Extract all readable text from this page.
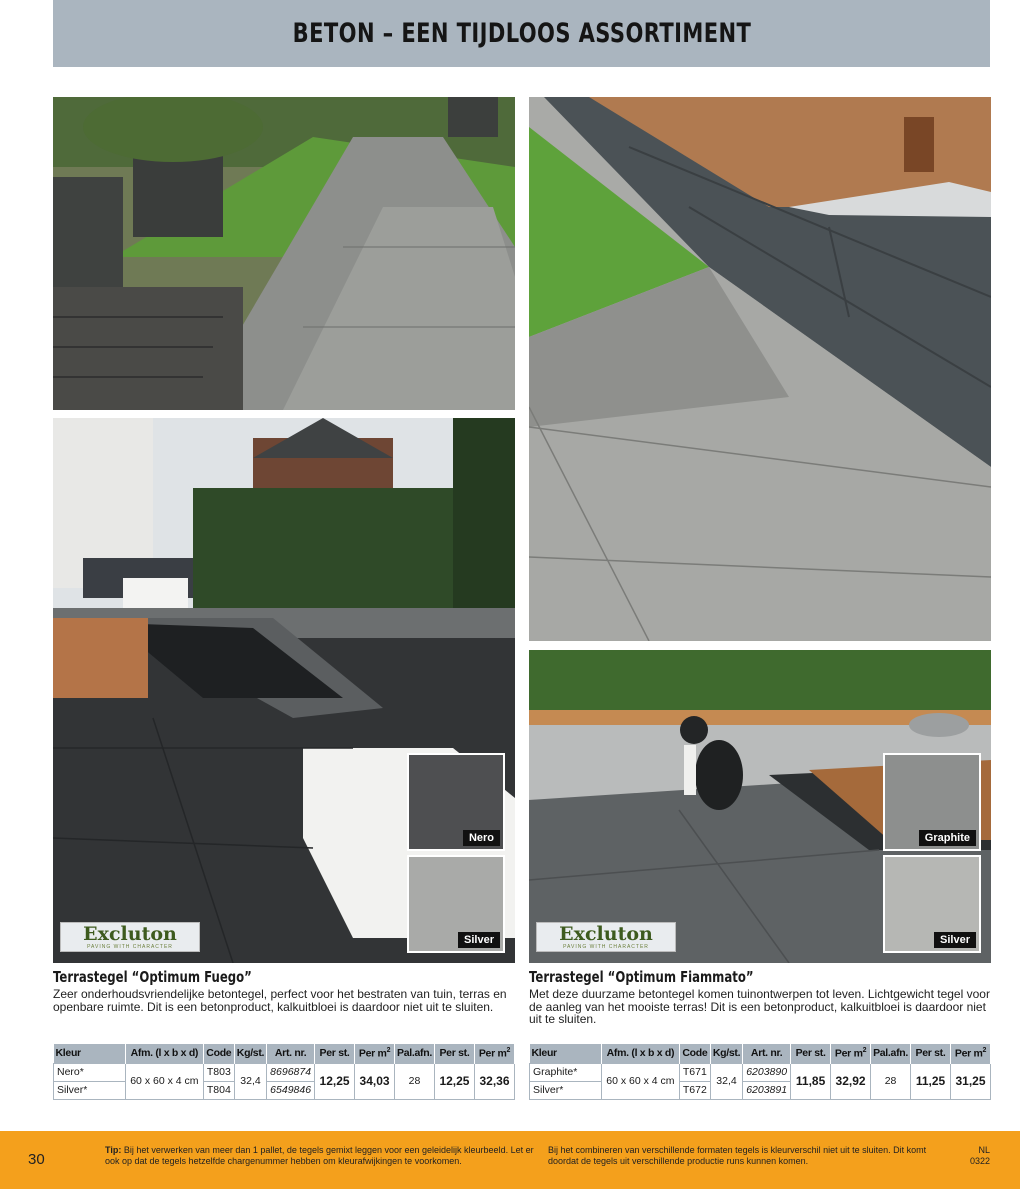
BETON – EEN TIJDLOOS ASSORTIMENT
Nero
Silver
Graphite
Silver
Excluton
PAVING WITH CHARACTER
Excluton
PAVING WITH CHARACTER
Terrastegel “Optimum Fuego”
Zeer onderhoudsvriendelijke betontegel, perfect voor het bestraten van tuin, terras en openbare ruimte. Dit is een betonproduct, kalkuitbloei is daardoor niet uit te sluiten.
Terrastegel “Optimum Fiammato”
Met deze duurzame betontegel komen tuinontwerpen tot leven. Lichtgewicht tegel voor de aanleg van het mooiste terras! Dit is een betonproduct, kalkuitbloei is daardoor niet uit te sluiten.
Kleur	Afm. (l x b x d)	Code	Kg/st.	Art. nr.	Per st.	Per $m^2$	Pal.afn.	Per st.	Per $m^2$
Nero*	60 x 60 x 4 cm	T803	32,4	8696874	12,25	34,03	28	12,25	32,36
Silver*		T804		6549846					
Kleur	Afm. (l x b x d)	Code	Kg/st.	Art. nr.	Per st.	Per $m^2$	Pal.afn.	Per st.	Per $m^2$
Graphite*	60 x 60 x 4 cm	T671	32,4	6203890	11,85	32,92	28	11,25	31,25
Silver*		T672		6203891					
30
Tip: Bij het verwerken van meer dan 1 pallet, de tegels gemixt leggen voor een geleidelijk kleurbeeld. Let er ook op dat de tegels hetzelfde chargenummer hebben om kleurafwijkingen te voorkomen.
Bij het combineren van verschillende formaten tegels is kleurverschil niet uit te sluiten. Dit komt doordat de tegels uit verschillende productie runs kunnen komen.
NL
0322
